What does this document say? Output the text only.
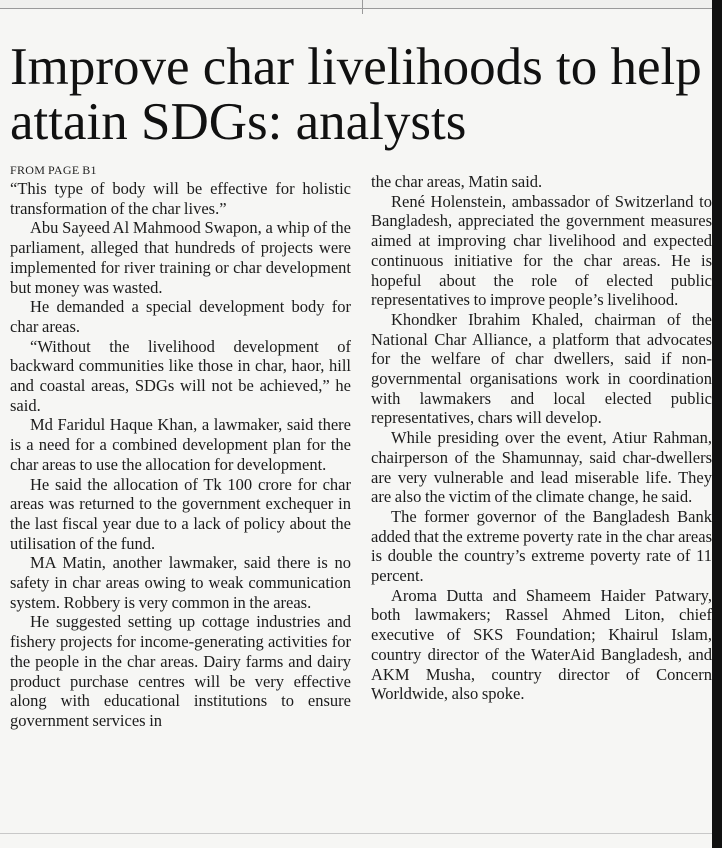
Improve char livelihoods to help attain SDGs: analysts
FROM PAGE B1

“This type of body will be effective for holistic transformation of the char lives.”

Abu Sayeed Al Mahmood Swapon, a whip of the parliament, alleged that hundreds of projects were implemented for river training or char development but money was wasted.

He demanded a special development body for char areas.

“Without the livelihood development of backward communities like those in char, haor, hill and coastal areas, SDGs will not be achieved,” he said.

Md Faridul Haque Khan, a lawmaker, said there is a need for a combined development plan for the char areas to use the allocation for development.

He said the allocation of Tk 100 crore for char areas was returned to the government exchequer in the last fiscal year due to a lack of policy about the utilisation of the fund.

MA Matin, another lawmaker, said there is no safety in char areas owing to weak communication system. Robbery is very common in the areas.

He suggested setting up cottage industries and fishery projects for income-generating activities for the people in the char areas. Dairy farms and dairy product purchase centres will be very effective along with educational institutions to ensure government services in

the char areas, Matin said.

René Holenstein, ambassador of Switzerland to Bangladesh, appreciated the government measures aimed at improving char livelihood and expected continuous initiative for the char areas. He is hopeful about the role of elected public representatives to improve people’s livelihood.

Khondker Ibrahim Khaled, chairman of the National Char Alliance, a platform that advocates for the welfare of char dwellers, said if non-governmental organisations work in coordination with lawmakers and local elected public representatives, chars will develop.

While presiding over the event, Atiur Rahman, chairperson of the Shamunnay, said char-dwellers are very vulnerable and lead miserable life. They are also the victim of the climate change, he said.

The former governor of the Bangladesh Bank added that the extreme poverty rate in the char areas is double the country’s extreme poverty rate of 11 percent.

Aroma Dutta and Shameem Haider Patwary, both lawmakers; Rassel Ahmed Liton, chief executive of SKS Foundation; Khairul Islam, country director of the WaterAid Bangladesh, and AKM Musha, country director of Concern Worldwide, also spoke.
